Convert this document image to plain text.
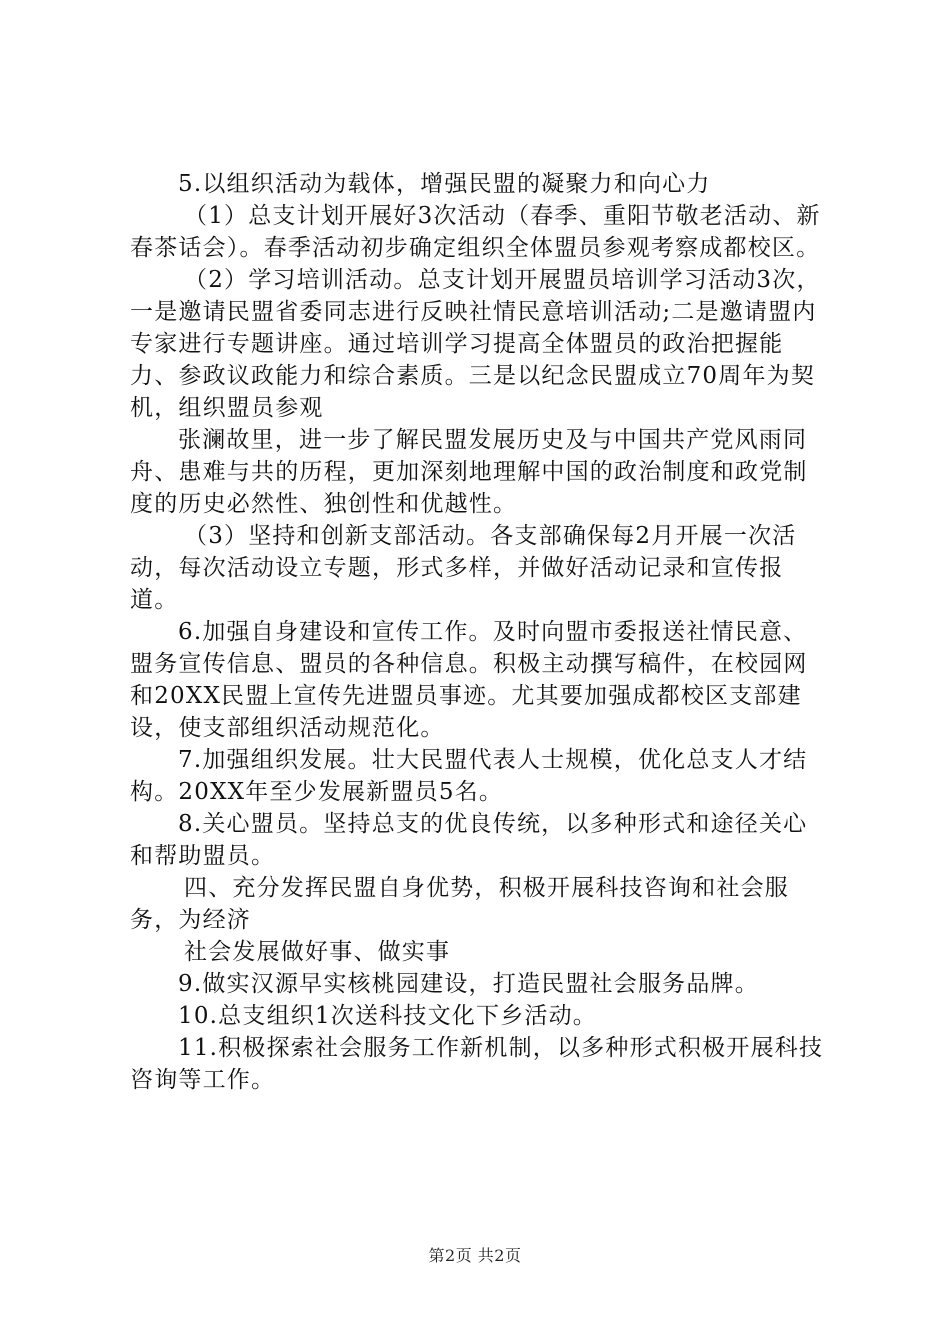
5.以组织活动为载体，增强民盟的凝聚力和向心力

（1）总支计划开展好3次活动（春季、重阳节敬老活动、新春茶话会）。春季活动初步确定组织全体盟员参观考察成都校区。

（2）学习培训活动。总支计划开展盟员培训学习活动3次，一是邀请民盟省委同志进行反映社情民意培训活动;二是邀请盟内专家进行专题讲座。通过培训学习提高全体盟员的政治把握能力、参政议政能力和综合素质。三是以纪念民盟成立70周年为契机，组织盟员参观

张澜故里，进一步了解民盟发展历史及与中国共产党风雨同舟、患难与共的历程，更加深刻地理解中国的政治制度和政党制度的历史必然性、独创性和优越性。

（3）坚持和创新支部活动。各支部确保每2月开展一次活动，每次活动设立专题，形式多样，并做好活动记录和宣传报道。

6.加强自身建设和宣传工作。及时向盟市委报送社情民意、盟务宣传信息、盟员的各种信息。积极主动撰写稿件，在校园网和20XX民盟上宣传先进盟员事迹。尤其要加强成都校区支部建设，使支部组织活动规范化。

7.加强组织发展。壮大民盟代表人士规模，优化总支人才结构。20XX年至少发展新盟员5名。

8.关心盟员。坚持总支的优良传统，以多种形式和途径关心和帮助盟员。

四、充分发挥民盟自身优势，积极开展科技咨询和社会服务，为经济

社会发展做好事、做实事

9.做实汉源早实核桃园建设，打造民盟社会服务品牌。

10.总支组织1次送科技文化下乡活动。

11.积极探索社会服务工作新机制，以多种形式积极开展科技咨询等工作。

第2页 共2页
